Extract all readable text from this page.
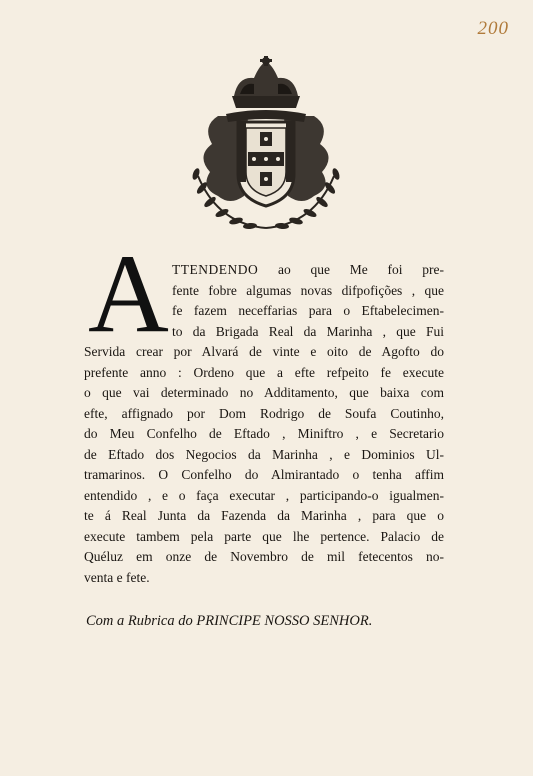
200
A TTENDENDO ao que Me foi pre-
fente fobre algumas novas difpofições , que
fe fazem neceffarias para o Eftabelecimen-
to da Brigada Real da Marinha , que Fui
Servida crear por Alvará de vinte e oito de Agofto do
prefente anno : Ordeno que a efte refpeito fe execute
o que vai determinado no Additamento, que baixa com
efte, affignado por Dom Rodrigo de Soufa Coutinho,
do Meu Confelho de Eftado , Miniftro , e Secretario
de Eftado dos Negocios da Marinha , e Dominios Ul-
tramarinos. O Confelho do Almirantado o tenha affim
entendido , e o faça executar , participando-o igualmen-
te á Real Junta da Fazenda da Marinha , para que o
execute tambem pela parte que lhe pertence. Palacio de
Quéluz em onze de Novembro de mil fetecentos no-
venta e fete.
Com a Rubrica do PRINCIPE NOSSO SENHOR.
